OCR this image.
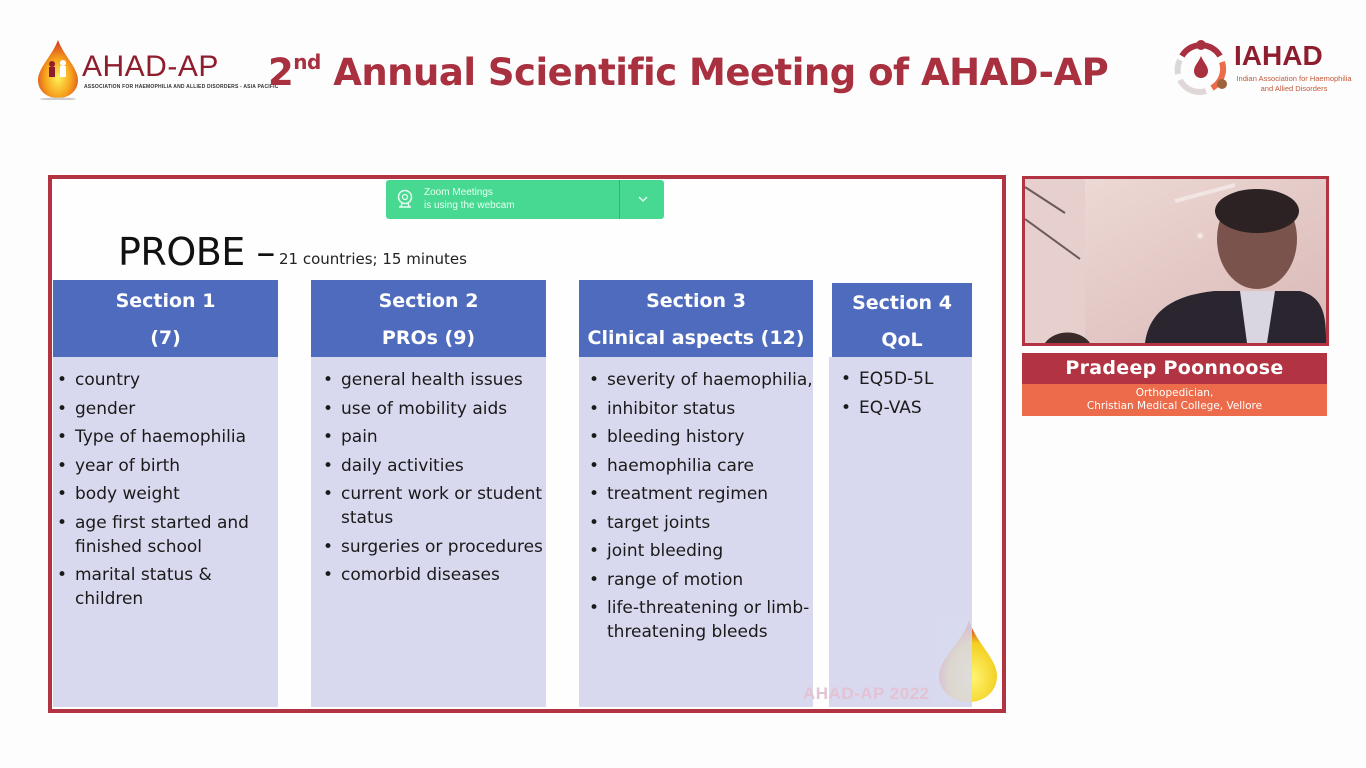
AHAD-AP
ASSOCIATION FOR HAEMOPHILIA AND ALLIED DISORDERS - ASIA PACIFIC
2nd Annual Scientific Meeting of AHAD-AP	IAHAD
Indian Association for Haemophilia and Allied Disorders
PROBE – 21 countries; 15 minutes
Section 1
(7)
• country
• gender
• Type of haemophilia
• year of birth
• body weight
• age first started and finished school
• marital status & children
Section 2
PROs (9)
• general health issues
• use of mobility aids
• pain
• daily activities
• current work or student status
• surgeries or procedures
• comorbid diseases
Section 3
Clinical aspects (12)
• severity of haemophilia,
• inhibitor status
• bleeding history
• haemophilia care
• treatment regimen
• target joints
• joint bleeding
• range of motion
• life-threatening or limb-threatening bleeds
Section 4
QoL
• EQ5D-5L
• EQ-VAS
AHAD-AP 2022
Zoom Meetings
is using the webcam
Pradeep Poonnoose
Orthopedician,
Christian Medical College, Vellore
